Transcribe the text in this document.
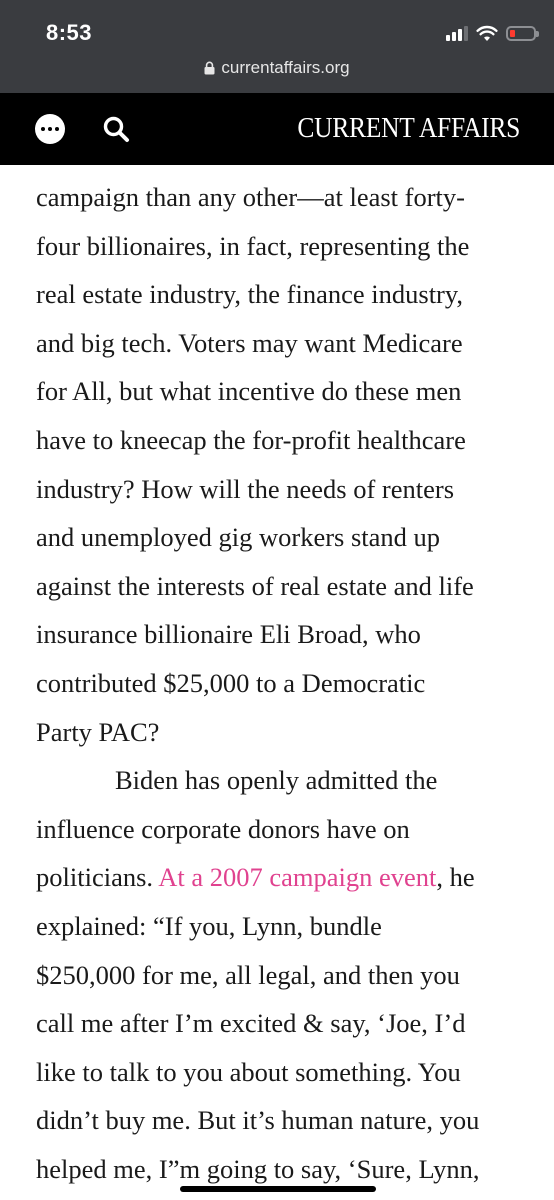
8:53
currentaffairs.org
CURRENT AFFAIRS

campaign than any other—at least forty-
four billionaires, in fact, representing the
real estate industry, the finance industry,
and big tech. Voters may want Medicare
for All, but what incentive do these men
have to kneecap the for-profit healthcare
industry? How will the needs of renters
and unemployed gig workers stand up
against the interests of real estate and life
insurance billionaire Eli Broad, who
contributed $25,000 to a Democratic
Party PAC?

Biden has openly admitted the
influence corporate donors have on
politicians. At a 2007 campaign event, he
explained: “If you, Lynn, bundle
$250,000 for me, all legal, and then you
call me after I’m excited & say, ‘Joe, I’d
like to talk to you about something. You
didn’t buy me. But it’s human nature, you
helped me, I”m going to say, ‘Sure, Lynn,
